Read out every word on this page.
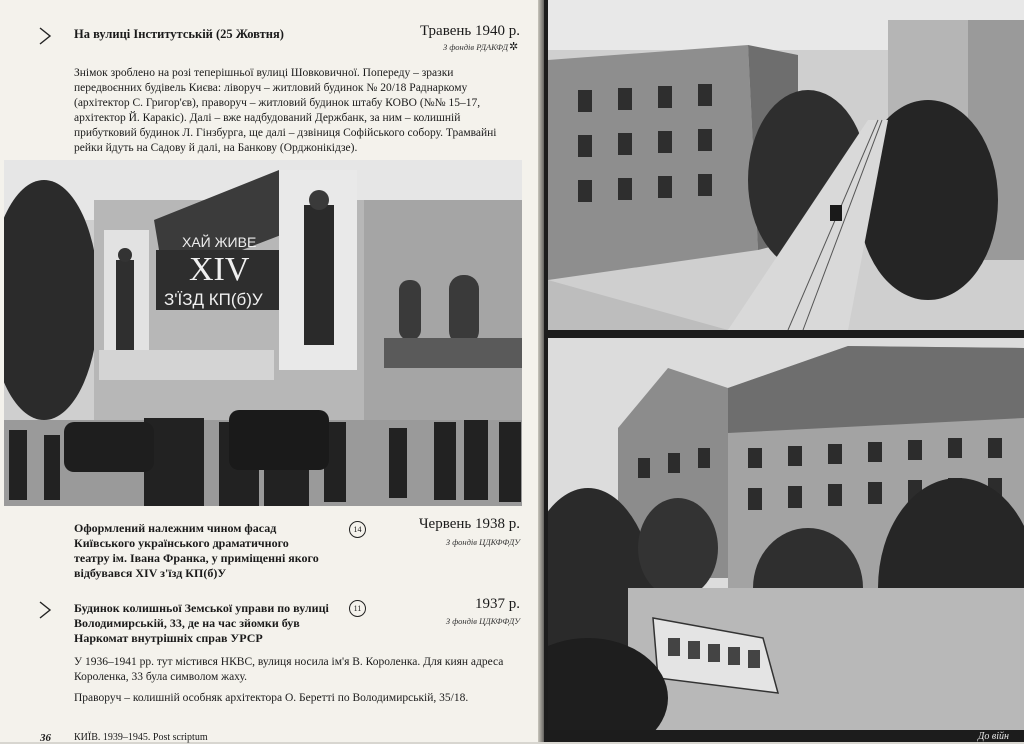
На вулиці Інститутській (25 Жовтня)	Травень 1940 р.
З фондів РДАКФД ✲
Знімок зроблено на розі теперішньої вулиці Шовковичної. Попереду – зразки передвоєнних будівель Києва: ліворуч – житловий будинок № 20/18 Раднаркому (архітектор С. Григор'єв), праворуч – житловий будинок штабу КОВО (№№ 15–17, архітектор Й. Каракіс). Далі – вже надбудований Держбанк, за ним – колишній прибутковий будинок Л. Гінзбурга, ще далі – дзвіниця Софійського собору. Трамвайні рейки йдуть на Садову й далі, на Банкову (Орджонікідзе).
ХАЙ ЖИВЕ
XIV
З'ЇЗД КП(б)У
Оформлений належним чином фасад Київського українського драматичного театру ім. Івана Франка, у приміщенні якого відбувався XIV з'їзд КП(б)У
14	Червень 1938 р.
З фондів ЦДКФФДУ
Будинок колишньої Земської управи по вулиці Володимирській, 33, де на час зйомки був Наркомат внутрішніх справ УРСР
11	1937 р.
З фондів ЦДКФФДУ
У 1936–1941 рр. тут містився НКВС, вулиця носила ім'я В. Короленка. Для киян адреса Короленка, 33 була символом жаху.
Праворуч – колишній особняк архітектора О. Беретті по Володимирській, 35/18.
36 КИЇВ. 1939–1945. Post scriptum	До війн
